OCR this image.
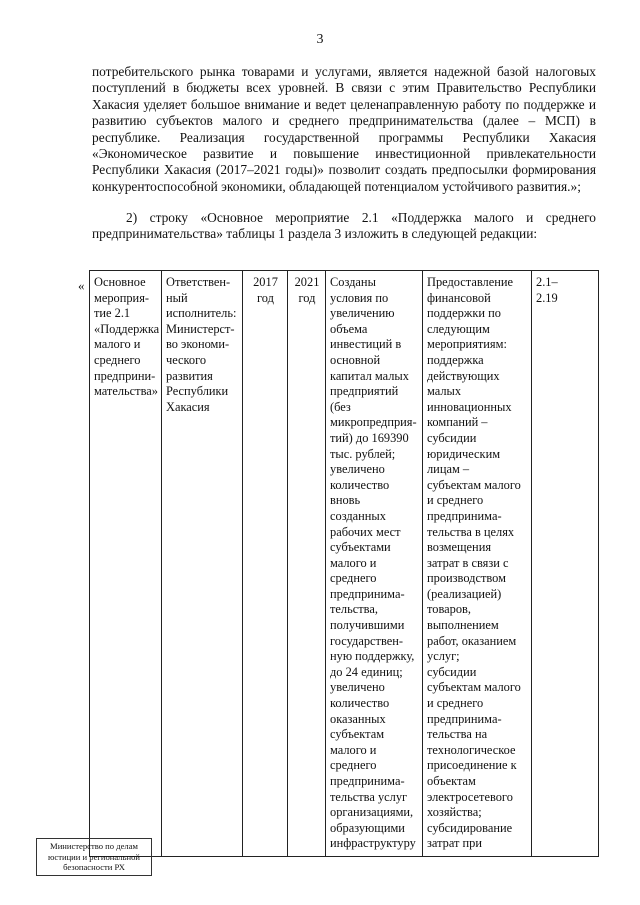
3

потребительского рынка товарами и услугами, является надежной базой налоговых поступлений в бюджеты всех уровней. В связи с этим Правительство Республики Хакасия уделяет большое внимание и ведет целенаправленную работу по поддержке и развитию субъектов малого и среднего предпринимательства (далее – МСП) в республике. Реализация государственной программы Республики Хакасия «Экономическое развитие и повышение инвестиционной привлекательности Республики Хакасия (2017–2021 годы)» позволит создать предпосылки формирования конкурентоспособной экономики, обладающей потенциалом устойчивого развития.»;

2) строку «Основное мероприятие 2.1 «Поддержка малого и среднего предпринимательства» таблицы 1 раздела 3 изложить в следующей редакции:

« Основное
мероприя-
тие 2.1
«Поддержка
малого и
среднего
предприни-
мательства»	Ответствен-
ный
исполнитель:
Министерст-
во экономи-
ческого
развития
Республики
Хакасия	2017
год	2021
год	Созданы
условия по
увеличению
объема
инвестиций в
основной
капитал малых
предприятий
(без
микропредприя-
тий) до 169390
тыс. рублей;
увеличено
количество
вновь
созданных
рабочих мест
субъектами
малого и
среднего
предпринима-
тельства,
получившими
государствен-
ную поддержку,
до 24 единиц;
увеличено
количество
оказанных
субъектам
малого и
среднего
предпринима-
тельства услуг
организациями,
образующими
инфраструктуру	Предоставление
финансовой
поддержки по
следующим
мероприятиям:
поддержка
действующих
малых
инновационных
компаний –
субсидии
юридическим
лицам –
субъектам малого
и среднего
предпринима-
тельства в целях
возмещения
затрат в связи с
производством
(реализацией)
товаров,
выполнением
работ, оказанием
услуг;
субсидии
субъектам малого
и среднего
предпринима-
тельства на
технологическое
присоединение к
объектам
электросетевого
хозяйства;
субсидирование
затрат при	2.1–
2.19
Министерство по делам юстиции и региональной безопасности РХ
